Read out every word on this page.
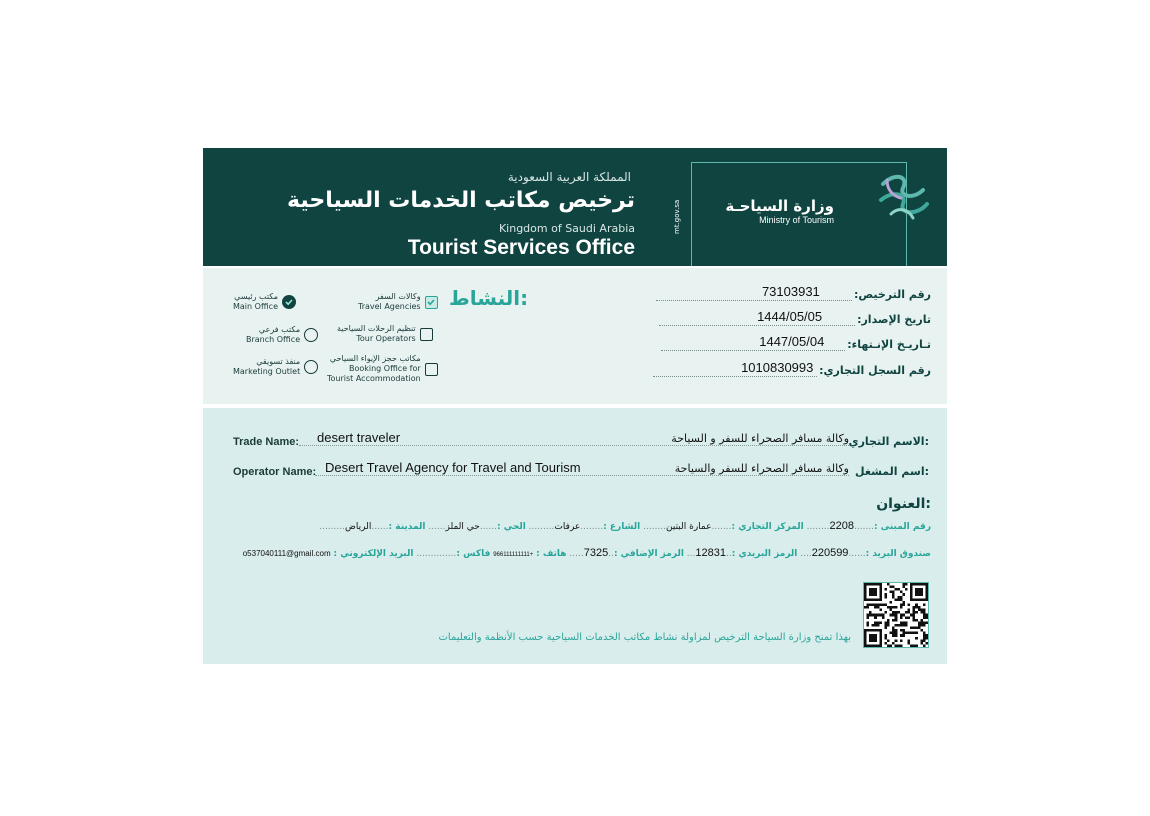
المملكة العربية السعودية
ترخيص مكاتب الخدمات السياحية
Kingdom of Saudi Arabia
Tourist Services Office
mt.gov.sa	وزارة السياحـة
Ministry of Tourism
مكتب رئيسي
Main Office
مكتب فرعي
Branch Office
منفذ تسويقي
Marketing Outlet
وكالات السفر
Travel Agencies
تنظيم الرحلات السياحية
Tour Operators
مكاتب حجز الإيواء السياحي
Booking Office for
Tourist Accommodation
النشاط:	رقم الترخيص:
73103931
تاريخ الإصدار:
1444/05/05
تـاريـخ الإنـتهاء:
1447/05/04
رقم السجل التجاري:
1010830993
Trade Name: desert traveler	وكالة مسافر الصحراء للسفر و السياحة الاسم التجاري:
Operator Name: Desert Travel Agency for Travel and Tourism	وكالة مسافر الصحراء للسفر والسياحة اسم المشغل:
العنوان:
رقم المبنى :.......2208........ المركز التجاري :.......عمارة البتين........ الشارع :........عرفات......... الحي :......حي الملز...... المدينة :......الرياض.........
صندوق البريد :......220599.... الرمز البريدي :..12831... الرمز الإضافي :..7325..... هاتف : +966111111111 فاكس :.............. البريد الإلكتروني : o537040111@gmail.com
بهذا تمنح وزارة السياحة الترخيص لمزاولة نشاط مكاتب الخدمات السياحية حسب الأنظمة والتعليمات
